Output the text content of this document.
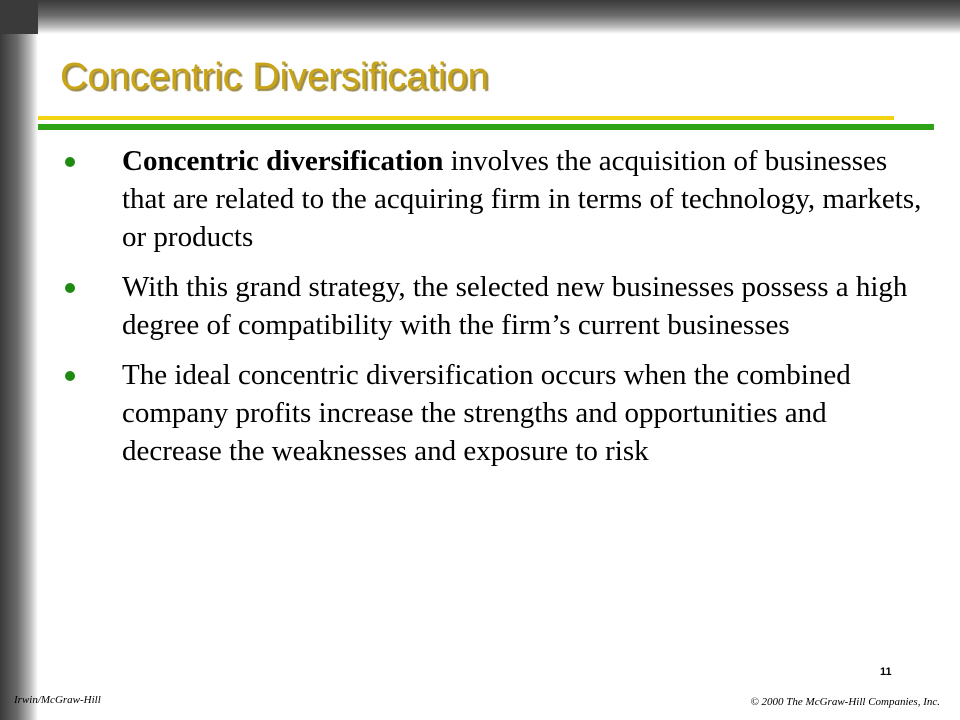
Concentric Diversification
Concentric diversification involves the acquisition of businesses that are related to the acquiring firm in terms of technology, markets, or products
With this grand strategy, the selected new businesses possess a high degree of compatibility with the firm’s current businesses
The ideal concentric diversification occurs when the combined company profits increase the strengths and opportunities and decrease the weaknesses and exposure to risk
11
Irwin/McGraw-Hill	© 2000 The McGraw-Hill Companies, Inc.
